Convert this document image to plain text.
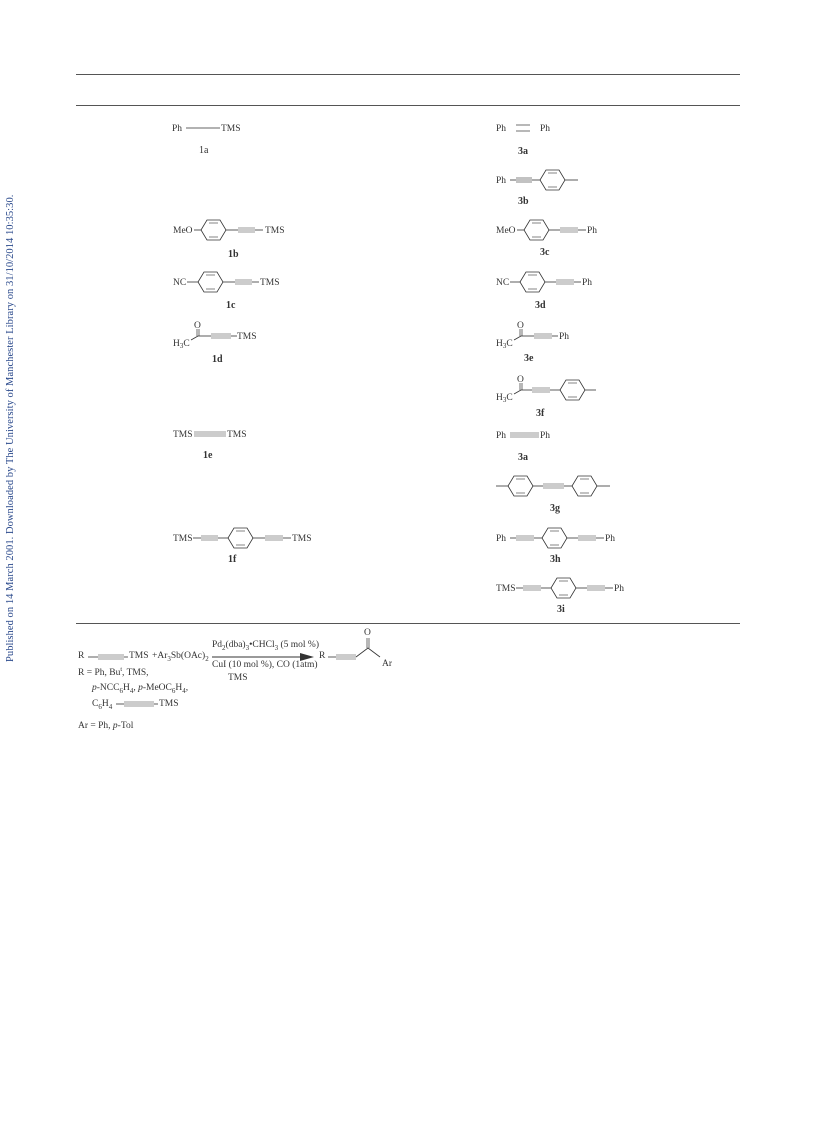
Published on 14 March 2001. Downloaded by The University of Manchester Library on 31/10/2014 10:35:30.
Ph	TMS
1a
MeO	TMS
1b
NC	TMS
1c
O
$H_3C$
TMS
1d
TMS	TMS
1e
TMS	TMS
1f
Ph	Ph
3a
Ph
3b
MeO	Ph
3c
NC	Ph
3d
O
$H_3C$
Ph
3e
O
$H_3C$
3f
Ph	Ph
3a
3g
Ph	Ph
3h
TMS	Ph
3i
R	TMS $+Ar_3Sb(OAc)_2$
$Pd_2(dba)_3•CHCl_3$ (5 mol %)
CuI (10 mol %), CO (1atm)
TMS
R
O
Ar
R = Ph, Bu$^t$, TMS,
$p-NCC_6H_4$, $p-MeOC_6H_4$,
$C_6H_4$	TMS
Ar = Ph, p-Tol
